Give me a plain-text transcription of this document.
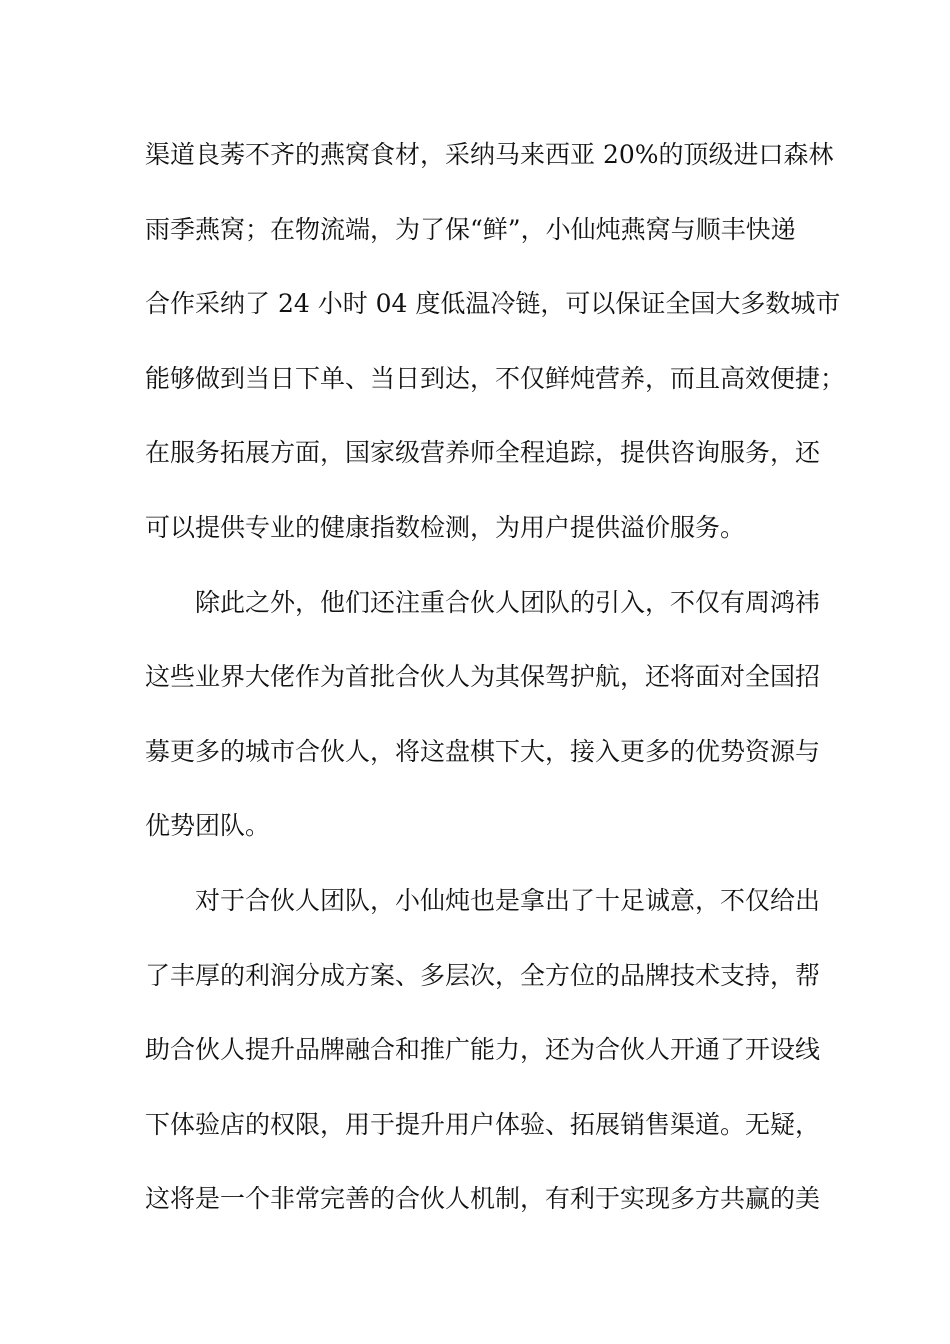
渠道良莠不齐的燕窝食材，采纳马来西亚 20%的顶级进口森林
雨季燕窝；在物流端，为了保“鲜”，小仙炖燕窝与顺丰快递
合作采纳了 24 小时 04 度低温冷链，可以保证全国大多数城市
能够做到当日下单、当日到达，不仅鲜炖营养，而且高效便捷；
在服务拓展方面，国家级营养师全程追踪，提供咨询服务，还
可以提供专业的健康指数检测，为用户提供溢价服务。
除此之外，他们还注重合伙人团队的引入，不仅有周鸿祎
这些业界大佬作为首批合伙人为其保驾护航，还将面对全国招
募更多的城市合伙人，将这盘棋下大，接入更多的优势资源与
优势团队。
对于合伙人团队，小仙炖也是拿出了十足诚意，不仅给出
了丰厚的利润分成方案、多层次，全方位的品牌技术支持，帮
助合伙人提升品牌融合和推广能力，还为合伙人开通了开设线
下体验店的权限，用于提升用户体验、拓展销售渠道。无疑，
这将是一个非常完善的合伙人机制，有利于实现多方共赢的美
